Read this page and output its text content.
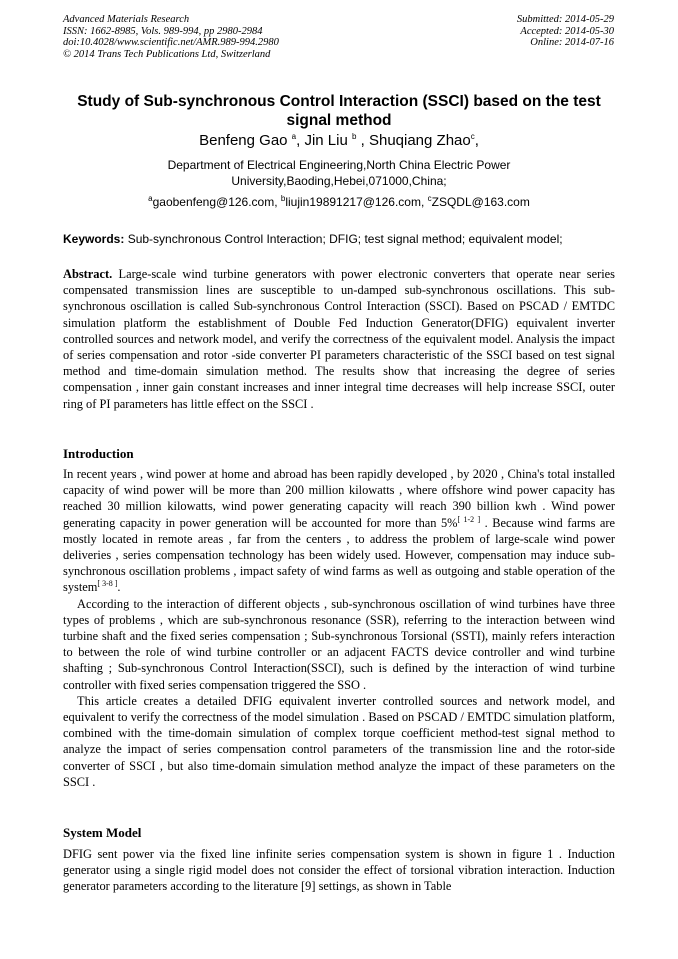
Advanced Materials Research
ISSN: 1662-8985, Vols. 989-994, pp 2980-2984
doi:10.4028/www.scientific.net/AMR.989-994.2980
© 2014 Trans Tech Publications Ltd, Switzerland
Submitted: 2014-05-29
Accepted: 2014-05-30
Online: 2014-07-16
Study of Sub-synchronous Control Interaction (SSCI) based on the test signal method
Benfeng Gao $^a$, Jin Liu $^b$ , Shuqiang Zhao$^c$,
Department of Electrical Engineering,North China Electric Power
University,Baoding,Hebei,071000,China;
$^a$gaobenfeng@126.com, $^b$liujin19891217@126.com, $^c$ZSQDL@163.com
Keywords: Sub-synchronous Control Interaction; DFIG; test signal method; equivalent model;

Abstract. Large-scale wind turbine generators with power electronic converters that operate near series compensated transmission lines are susceptible to un-damped sub-synchronous oscillations. This sub-synchronous oscillation is called Sub-synchronous Control Interaction (SSCI). Based on PSCAD / EMTDC simulation platform the establishment of Double Fed Induction Generator(DFIG) equivalent inverter controlled sources and network model, and verify the correctness of the equivalent model. Analysis the impact of series compensation and rotor -side converter PI parameters characteristic of the SSCI based on test signal method and time-domain simulation method. The results show that increasing the degree of series compensation , inner gain constant increases and inner integral time decreases will help increase SSCI, outer ring of PI parameters has little effect on the SSCI .

Introduction

In recent years , wind power at home and abroad has been rapidly developed , by 2020 , China's total installed capacity of wind power will be more than 200 million kilowatts , where offshore wind power capacity has reached 30 million kilowatts, wind power generating capacity will reach 390 billion kwh . Wind power generating capacity in power generation will be accounted for more than 5%[ 1-2 ] . Because wind farms are mostly located in remote areas , far from the centers , to address the problem of large-scale wind power deliveries , series compensation technology has been widely used. However, compensation may induce sub-synchronous oscillation problems , impact safety of wind farms as well as outgoing and stable operation of the system[ 3-8 ].

According to the interaction of different objects , sub-synchronous oscillation of wind turbines have three types of problems , which are sub-synchronous resonance (SSR), referring to the interaction between wind turbine shaft and the fixed series compensation ; Sub-synchronous Torsional (SSTI), mainly refers interaction to between the role of wind turbine controller or an adjacent FACTS device controller and wind turbine shafting ; Sub-synchronous Control Interaction(SSCI), such is defined by the interaction of wind turbine controller with fixed series compensation triggered the SSO .

This article creates a detailed DFIG equivalent inverter controlled sources and network model, and equivalent to verify the correctness of the model simulation . Based on PSCAD / EMTDC simulation platform, combined with the time-domain simulation of complex torque coefficient method-test signal method to analyze the impact of series compensation control parameters of the transmission line and the rotor-side converter of SSCI , but also time-domain simulation method analyze the impact of these parameters on the SSCI .

System Model

DFIG sent power via the fixed line infinite series compensation system is shown in figure 1 . Induction generator using a single rigid model does not consider the effect of torsional vibration interaction. Induction generator parameters according to the literature [9] settings, as shown in Table
